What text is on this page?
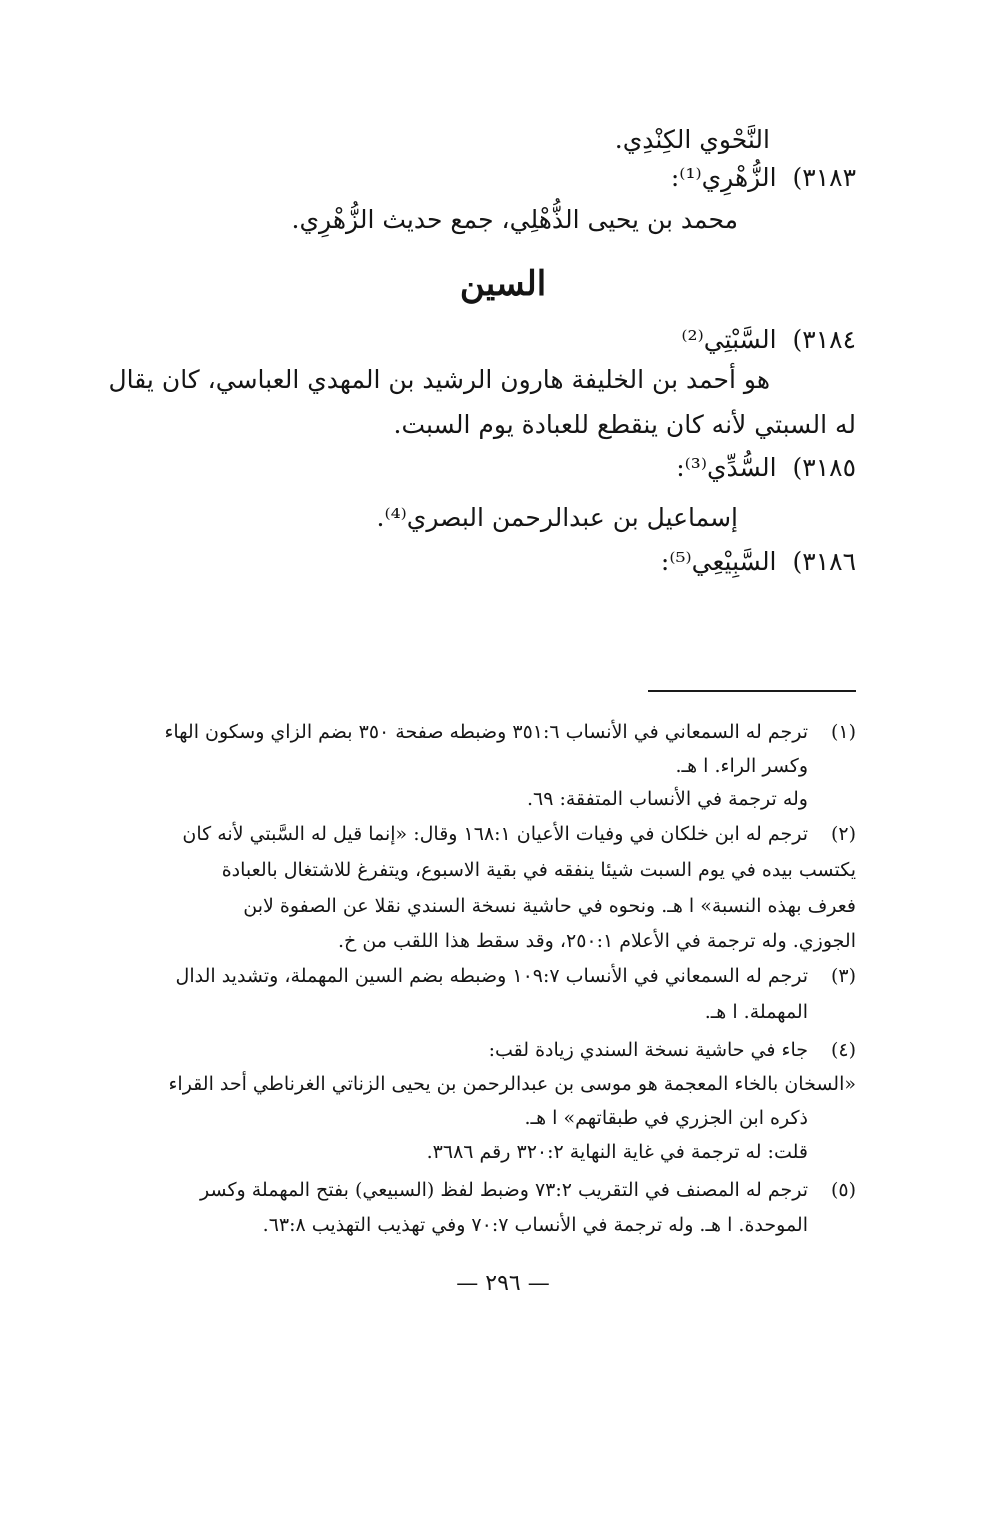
النَّحْوي الكِنْدِي.
٣١٨٣)الزُّهْرِي⁽¹⁾:
محمد بن يحيى الذُّهْلِي، جمع حديث الزُّهْرِي.
السين
٣١٨٤)السَّبْتِي⁽²⁾
هو أحمد بن الخليفة هارون الرشيد بن المهدي العباسي، كان يقال
له السبتي لأنه كان ينقطع للعبادة يوم السبت.
٣١٨٥)السُّدِّي⁽³⁾:
إسماعيل بن عبدالرحمن البصري⁽⁴⁾.
٣١٨٦)السَّبِيْعِي⁽⁵⁾:
(١)
ترجم له السمعاني في الأنساب ٣٥١:٦ وضبطه صفحة ٣٥٠ بضم الزاي وسكون الهاء
وكسر الراء. ا هـ.
وله ترجمة في الأنساب المتفقة: ٦٩.
(٢)
ترجم له ابن خلكان في وفيات الأعيان ١٦٨:١ وقال: «إنما قيل له السَّبتي لأنه كان
يكتسب بيده في يوم السبت شيئا ينفقه في بقية الاسبوع، ويتفرغ للاشتغال بالعبادة
فعرف بهذه النسبة» ا هـ. ونحوه في حاشية نسخة السندي نقلا عن الصفوة لابن
الجوزي. وله ترجمة في الأعلام ٢٥٠:١، وقد سقط هذا اللقب من خ.
(٣)
ترجم له السمعاني في الأنساب ١٠٩:٧ وضبطه بضم السين المهملة، وتشديد الدال
المهملة. ا هـ.
(٤)
جاء في حاشية نسخة السندي زيادة لقب:
«السخان بالخاء المعجمة هو موسى بن عبدالرحمن بن يحيى الزناتي الغرناطي أحد القراء
ذكره ابن الجزري في طبقاتهم» ا هـ.
قلت: له ترجمة في غاية النهاية ٣٢٠:٢ رقم ٣٦٨٦.
(٥)
ترجم له المصنف في التقريب ٧٣:٢ وضبط لفظ (السبيعي) بفتح المهملة وكسر
الموحدة. ا هـ. وله ترجمة في الأنساب ٧٠:٧ وفي تهذيب التهذيب ٦٣:٨.
— ٢٩٦ —
